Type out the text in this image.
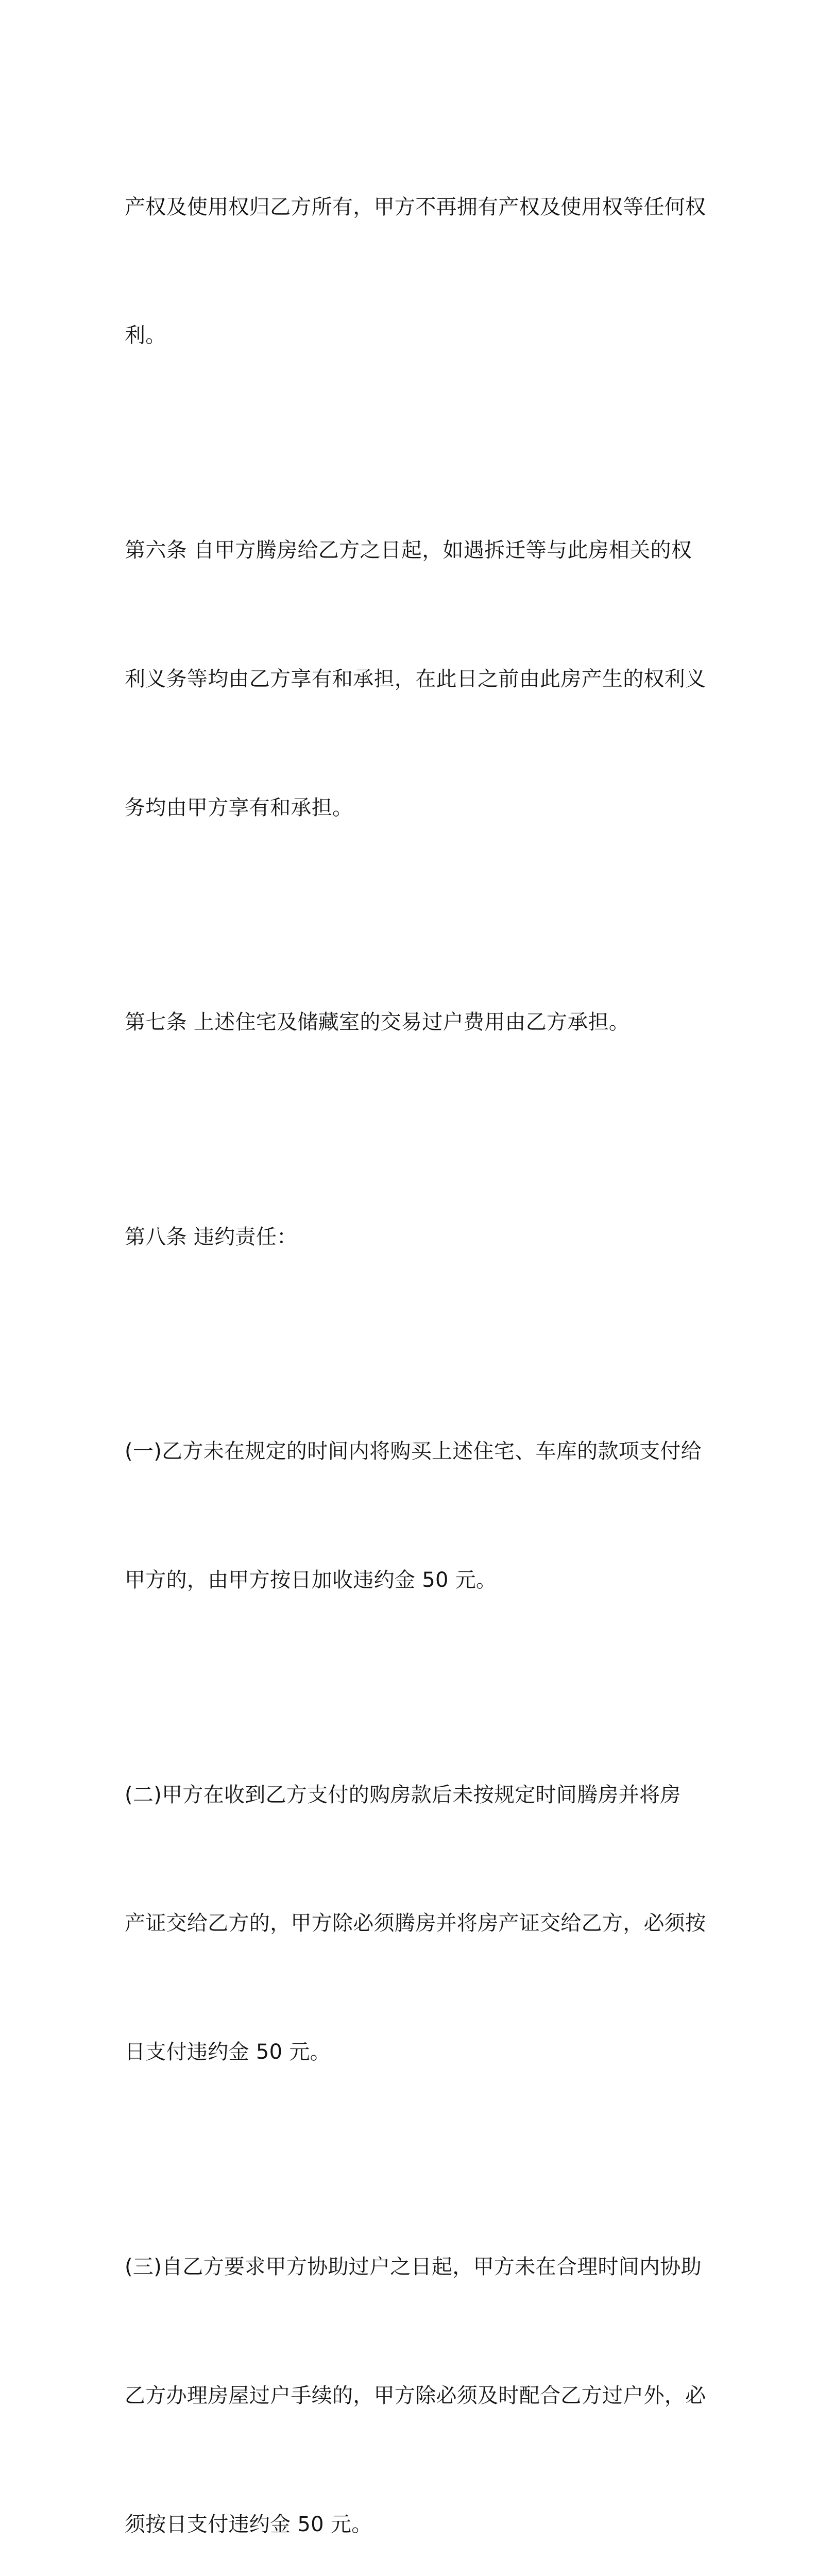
产权及使用权归乙方所有，甲方不再拥有产权及使用权等任何权

利。

第六条 自甲方腾房给乙方之日起，如遇拆迁等与此房相关的权

利义务等均由乙方享有和承担，在此日之前由此房产生的权利义

务均由甲方享有和承担。

第七条 上述住宅及储藏室的交易过户费用由乙方承担。

第八条 违约责任：

(一)乙方未在规定的时间内将购买上述住宅、车库的款项支付给

甲方的，由甲方按日加收违约金 50 元。

(二)甲方在收到乙方支付的购房款后未按规定时间腾房并将房

产证交给乙方的，甲方除必须腾房并将房产证交给乙方，必须按

日支付违约金 50 元。

(三)自乙方要求甲方协助过户之日起，甲方未在合理时间内协助

乙方办理房屋过户手续的，甲方除必须及时配合乙方过户外，必

须按日支付违约金 50 元。
